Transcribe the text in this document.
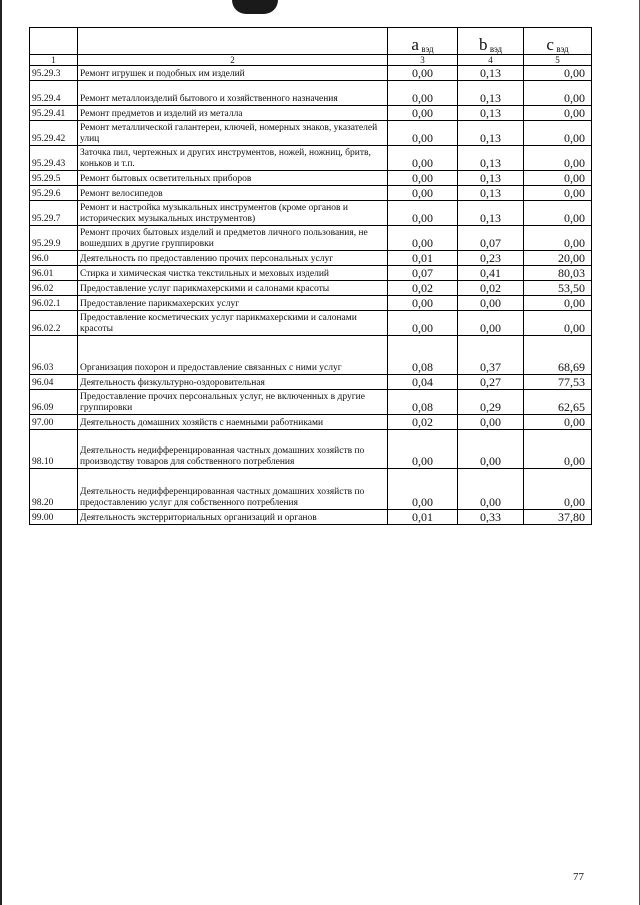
		a вэд	b вэд	c вэд
1	2	3	4	5
95.29.3	Ремонт игрушек и подобных им изделий	0,00	0,13	0,00
95.29.4	Ремонт металлоизделий бытового и хозяйственного назначения	0,00	0,13	0,00
95.29.41	Ремонт предметов и изделий из металла	0,00	0,13	0,00
95.29.42	Ремонт металлической галантереи, ключей, номерных знаков, указателей улиц	0,00	0,13	0,00
95.29.43	Заточка пил, чертежных и других инструментов, ножей, ножниц, бритв, коньков и т.п.	0,00	0,13	0,00
95.29.5	Ремонт бытовых осветительных приборов	0,00	0,13	0,00
95.29.6	Ремонт велосипедов	0,00	0,13	0,00
95.29.7	Ремонт и настройка музыкальных инструментов (кроме органов и исторических музыкальных инструментов)	0,00	0,13	0,00
95.29.9	Ремонт прочих бытовых изделий и предметов личного пользования, не вошедших в другие группировки	0,00	0,07	0,00
96.0	Деятельность по предоставлению прочих персональных услуг	0,01	0,23	20,00
96.01	Стирка и химическая чистка текстильных и меховых изделий	0,07	0,41	80,03
96.02	Предоставление услуг парикмахерскими и салонами красоты	0,02	0,02	53,50
96.02.1	Предоставление парикмахерских услуг	0,00	0,00	0,00
96.02.2	Предоставление косметических услуг парикмахерскими и салонами красоты	0,00	0,00	0,00
96.03	Организация похорон и предоставление связанных с ними услуг	0,08	0,37	68,69
96.04	Деятельность физкультурно-оздоровительная	0,04	0,27	77,53
96.09	Предоставление прочих персональных услуг, не включенных в другие группировки	0,08	0,29	62,65
97.00	Деятельность домашних хозяйств с наемными работниками	0,02	0,00	0,00
98.10	Деятельность недифференцированная частных домашних хозяйств по производству товаров для собственного потребления	0,00	0,00	0,00
98.20	Деятельность недифференцированная частных домашних хозяйств по предоставлению услуг для собственного потребления	0,00	0,00	0,00
99.00	Деятельность экстерриториальных организаций и органов	0,01	0,33	37,80
77
